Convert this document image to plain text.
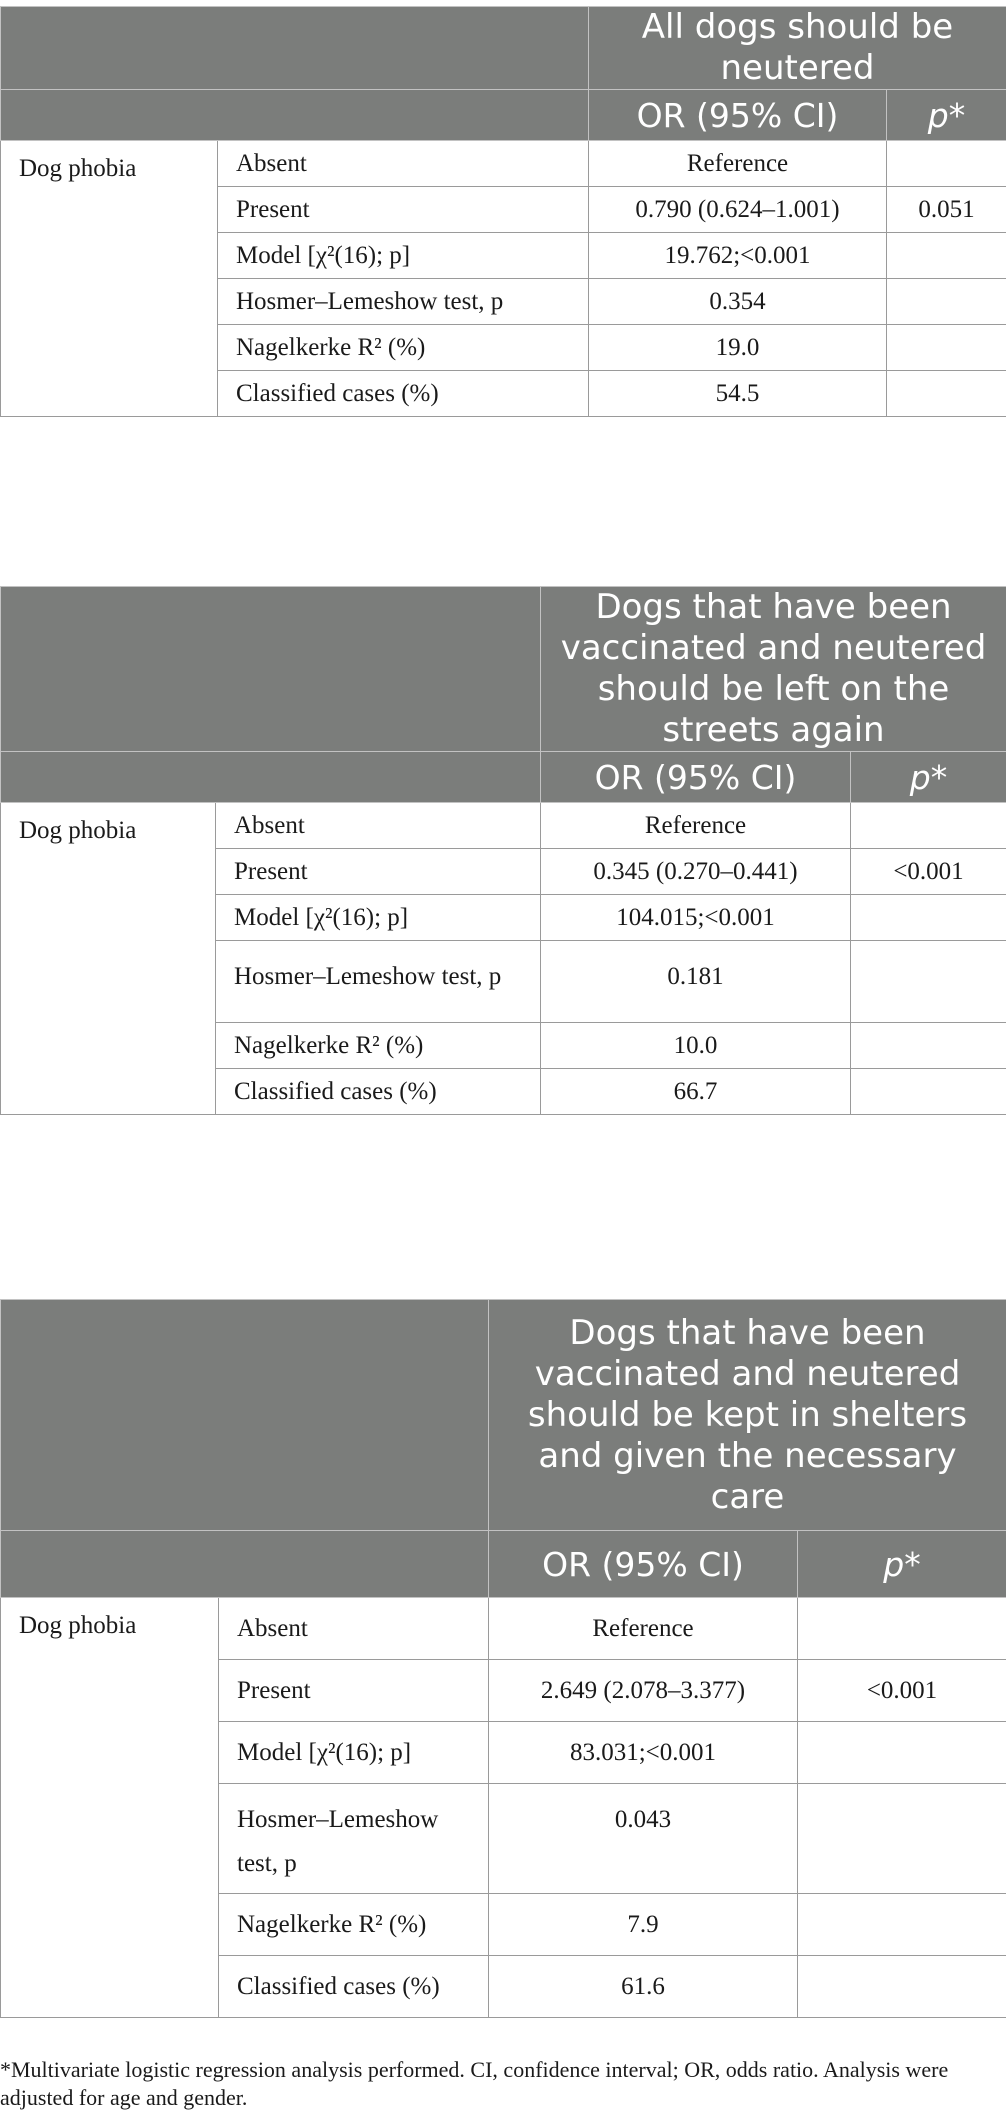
		All dogs should be neutered	
		OR (95% CI)	p*
Dog phobia	Absent	Reference	
	Present	0.790 (0.624–1.001)	0.051
	Model [χ²(16); p]	19.762;<0.001	
	Hosmer–Lemeshow test, p	0.354	
	Nagelkerke R² (%)	19.0	
	Classified cases (%)	54.5	
		Dogs that have been vaccinated and neutered should be left on the streets again	
		OR (95% CI)	p*
Dog phobia	Absent	Reference	
	Present	0.345 (0.270–0.441)	<0.001
	Model [χ²(16); p]	104.015;<0.001	
	Hosmer–Lemeshow test, p	0.181	
	Nagelkerke R² (%)	10.0	
	Classified cases (%)	66.7	
		Dogs that have been vaccinated and neutered should be kept in shelters and given the necessary care	
		OR (95% CI)	p*
Dog phobia	Absent	Reference	
	Present	2.649 (2.078–3.377)	<0.001
	Model [χ²(16); p]	83.031;<0.001	
	Hosmer–Lemeshow test, p	0.043	
	Nagelkerke R² (%)	7.9	
	Classified cases (%)	61.6	
*Multivariate logistic regression analysis performed. CI, confidence interval; OR, odds ratio. Analysis were adjusted for age and gender.
